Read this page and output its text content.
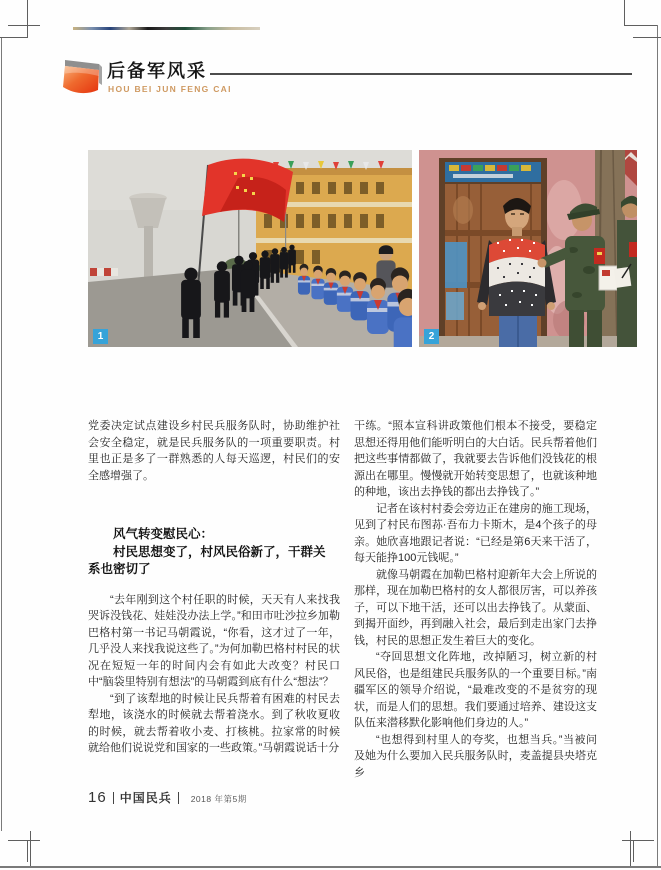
后备军风采
HOU BEI JUN FENG CAI
1	2

党委决定试点建设乡村民兵服务队时，协助维护社会安全稳定，就是民兵服务队的一项重要职责。村里也正是多了一群熟悉的人每天巡逻，村民们的安全感增强了。

风气转变慰民心：
村民思想变了，村风民俗新了，干群关
系也密切了

“去年刚到这个村任职的时候，天天有人来找我哭诉没钱花、娃娃没办法上学。”和田市吐沙拉乡加勒巴格村第一书记马朝霞说，“你看，这才过了一年，几乎没人来找我说这些了。”为何加勒巴格村村民的状况在短短一年的时间内会有如此大改变？村民口中“脑袋里特别有想法”的马朝霞到底有什么“想法”？

“到了该犁地的时候让民兵帮着有困难的村民去犁地，该浇水的时候就去帮着浇水。到了秋收夏收的时候，就去帮着收小麦、打核桃。拉家常的时候就给他们说说党和国家的一些政策。”马朝霞说话十分

干练。“照本宣科讲政策他们根本不接受，要稳定思想还得用他们能听明白的大白话。民兵帮着他们把这些事情都做了，我就要去告诉他们没钱花的根源出在哪里。慢慢就开始转变思想了，也就该种地的种地，该出去挣钱的都出去挣钱了。”

记者在该村村委会旁边正在建房的施工现场，见到了村民布图荪·吾布力卡斯木，是4个孩子的母亲。她欣喜地跟记者说：“已经是第6天来干活了，每天能挣100元钱呢。”

就像马朝霞在加勒巴格村迎新年大会上所说的那样，现在加勒巴格村的女人都很厉害，可以养孩子，可以下地干活，还可以出去挣钱了。从蒙面、到揭开面纱，再到融入社会，最后到走出家门去挣钱，村民的思想正发生着巨大的变化。

“夺回思想文化阵地，改掉陋习，树立新的村风民俗，也是组建民兵服务队的一个重要目标。”南疆军区的领导介绍说，“最难改变的不是贫穷的现状，而是人们的思想。我们要通过培养、建设这支队伍来潜移默化影响他们身边的人。”

“也想得到村里人的夸奖，也想当兵。”当被问及她为什么要加入民兵服务队时，麦盖提县央塔克乡

16 中国民兵 2018 年第5期
